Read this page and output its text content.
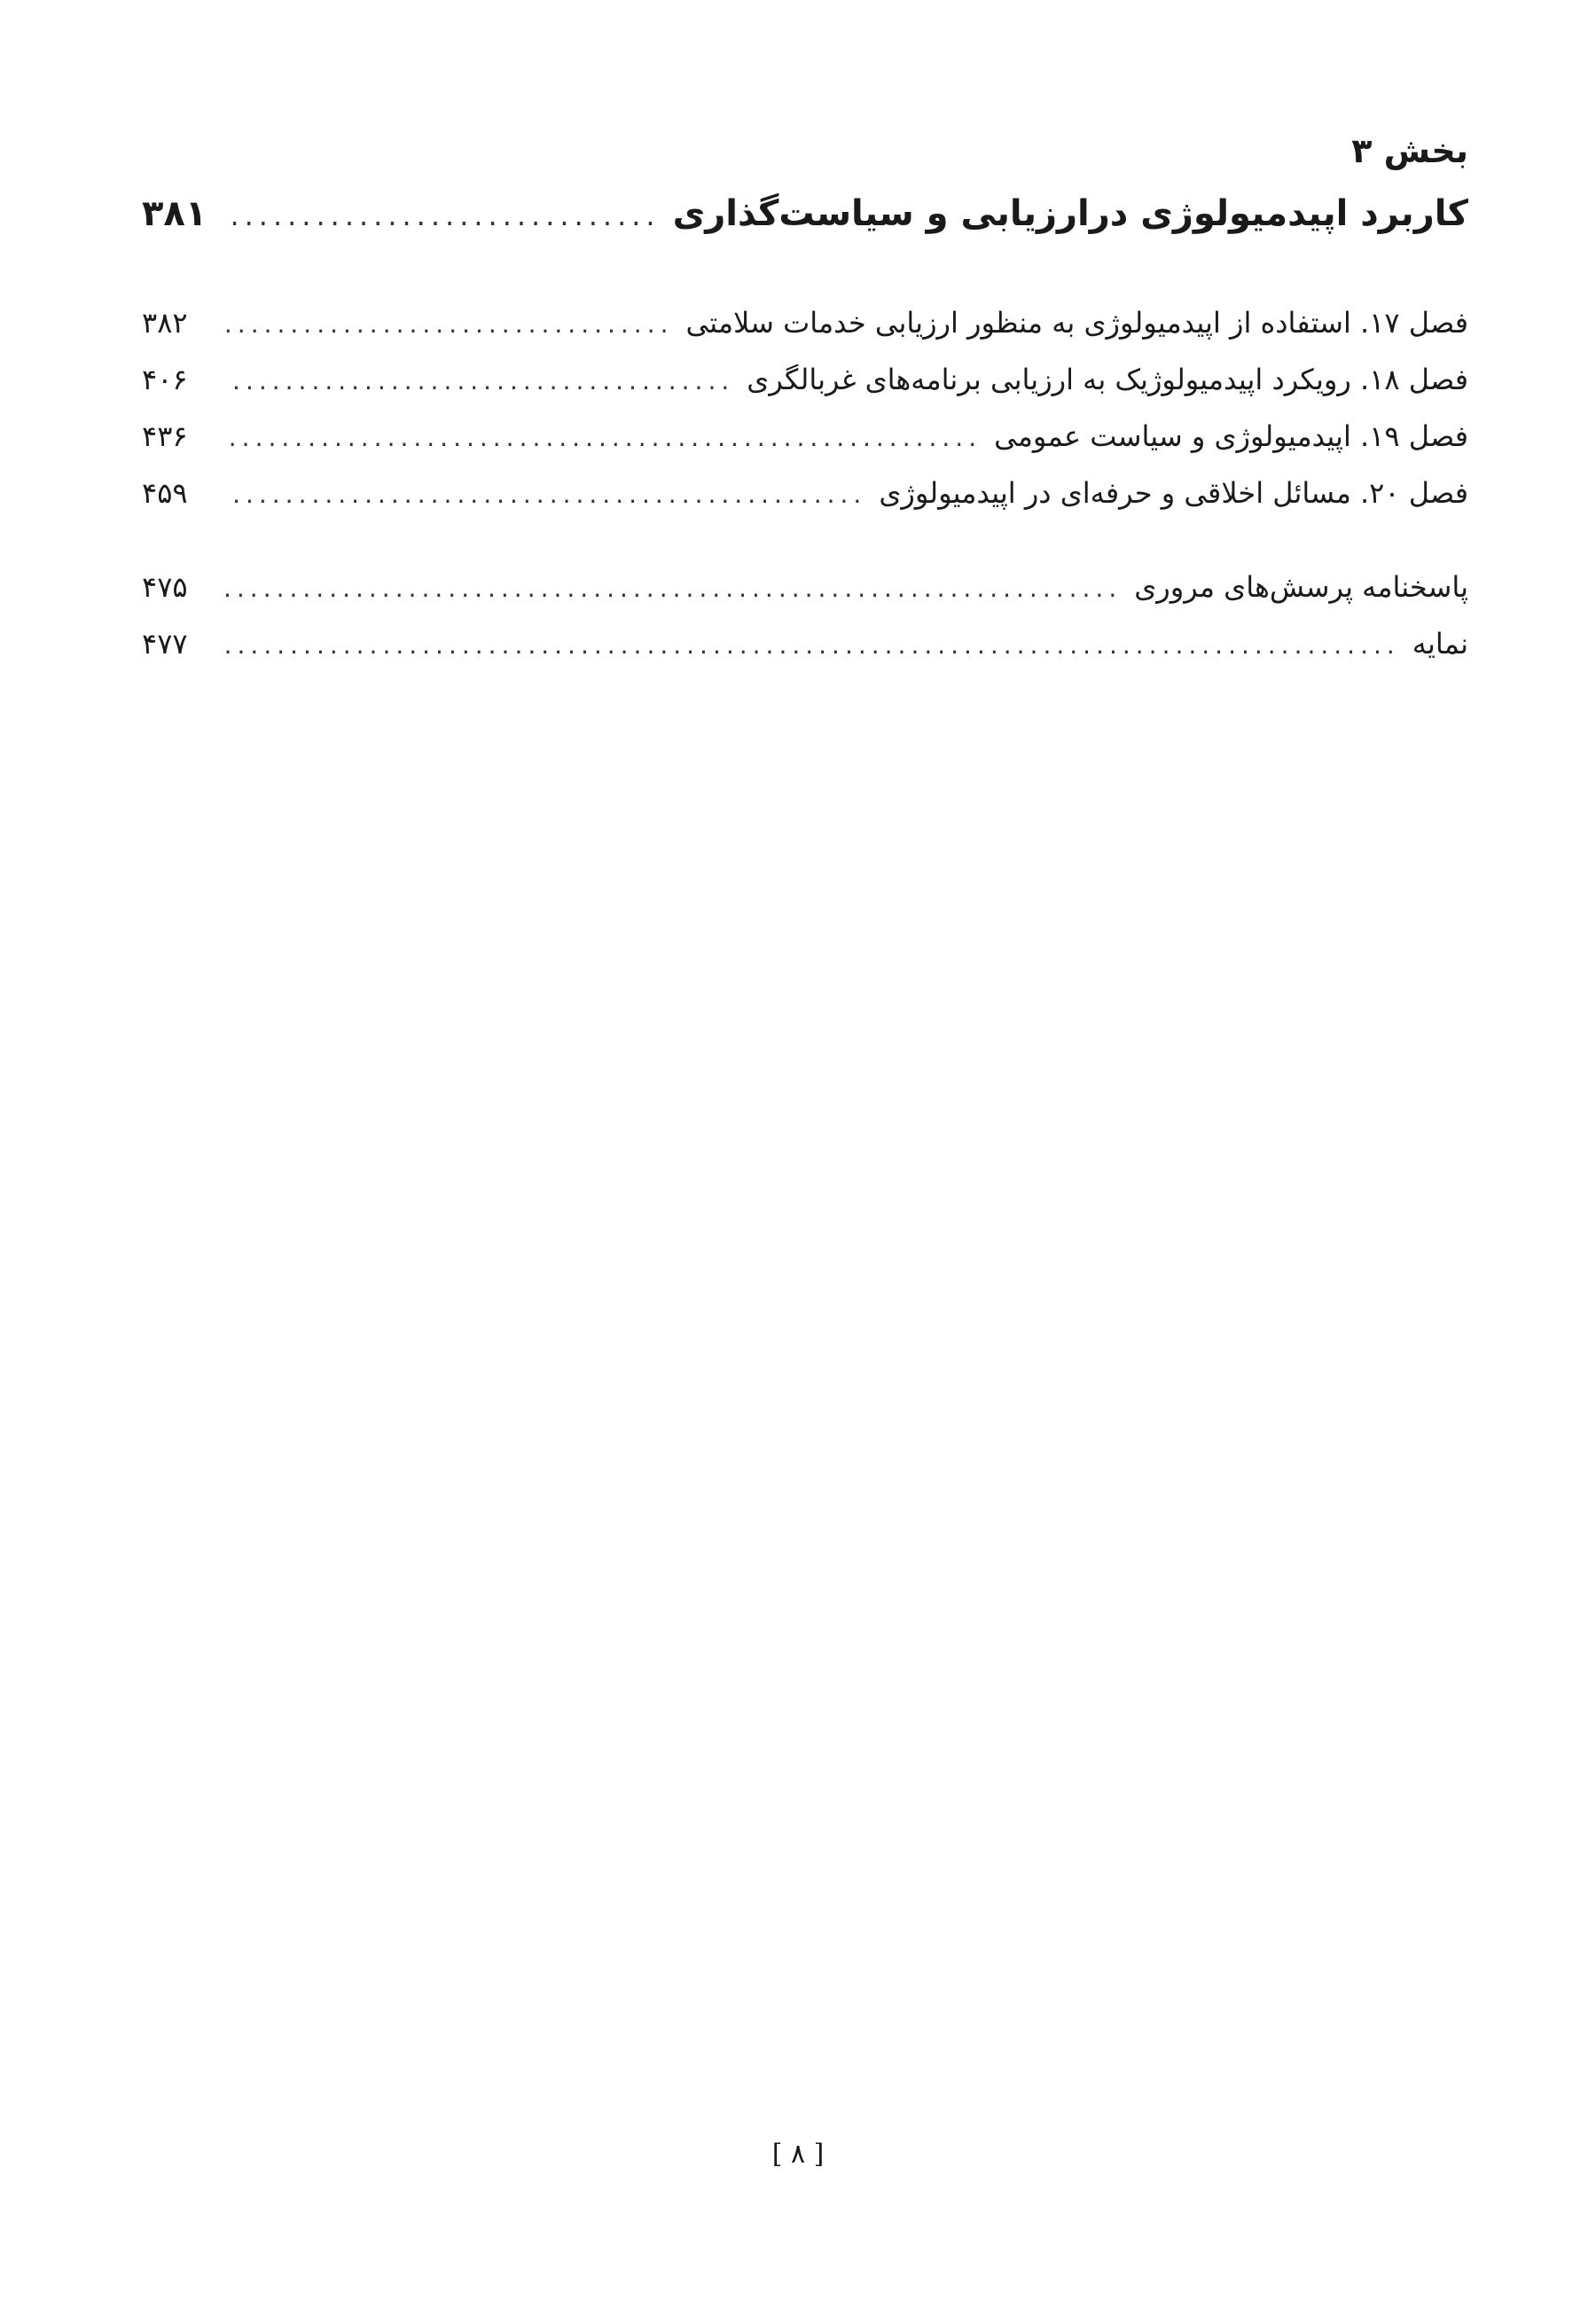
بخش ۳
کاربرد اپیدمیولوژی درارزیابی و سیاست‌گذاری
.....
۳۸۱
فصل ۱۷. استفاده از اپیدمیولوژی به منظور ارزیابی خدمات سلامتی
.....
۳۸۲
فصل ۱۸. رویکرد اپیدمیولوژیک به ارزیابی برنامه‌های غربالگری
.....
۴۰۶
فصل ۱۹. اپیدمیولوژی و سیاست عمومی
.....
۴۳۶
فصل ۲۰. مسائل اخلاقی و حرفه‌ای در اپیدمیولوژی
.....
۴۵۹
پاسخنامه پرسش‌های مروری
.....
۴۷۵
نمایه
.....
۴۷۷
[ ۸ ]
